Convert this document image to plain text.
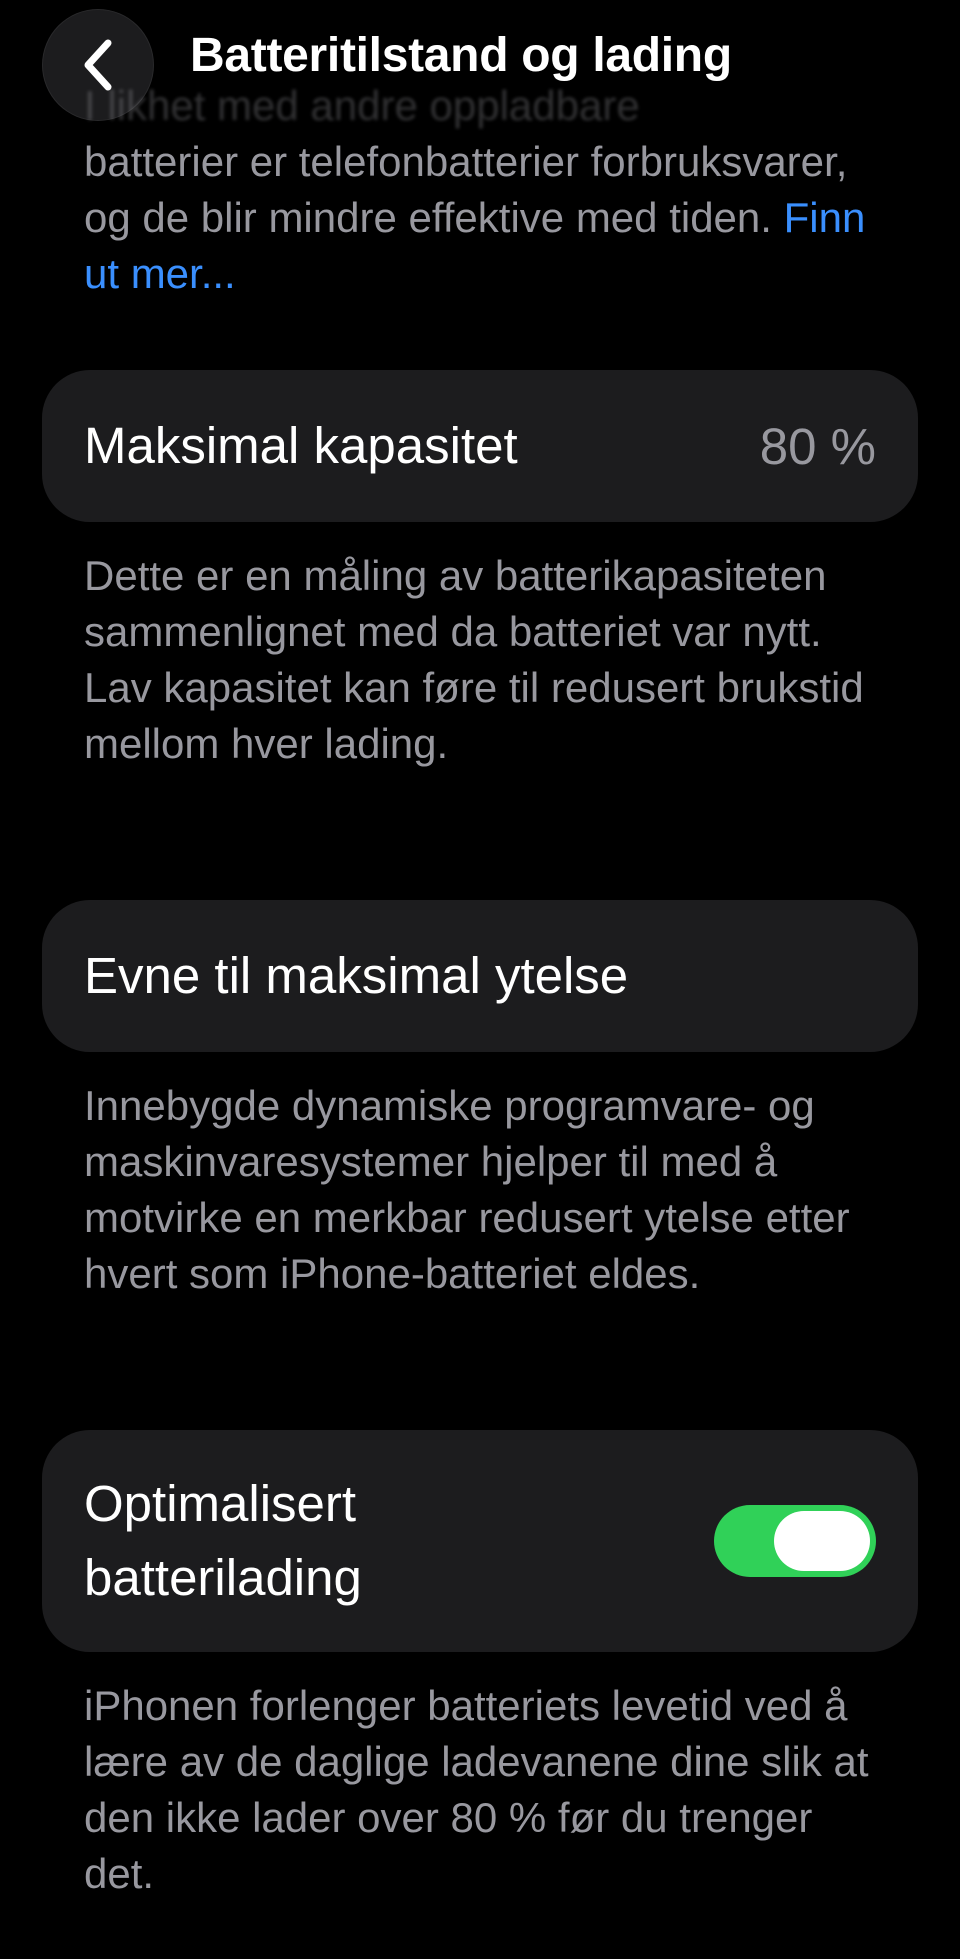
I likhet med andre oppladbare
Batteritilstand og lading
batterier er telefonbatterier forbruksvarer, og de blir mindre effektive med tiden. Finn ut mer...
Maksimal kapasitet	80 %
Dette er en måling av batterikapasiteten sammenlignet med da batteriet var nytt. Lav kapasitet kan føre til redusert brukstid mellom hver lading.
Evne til maksimal ytelse
Innebygde dynamiske programvare- og maskinvaresystemer hjelper til med å motvirke en merkbar redusert ytelse etter hvert som iPhone-batteriet eldes.
Optimalisert
batterilading
iPhonen forlenger batteriets levetid ved å lære av de daglige ladevanene dine slik at den ikke lader over 80 % før du trenger det.
